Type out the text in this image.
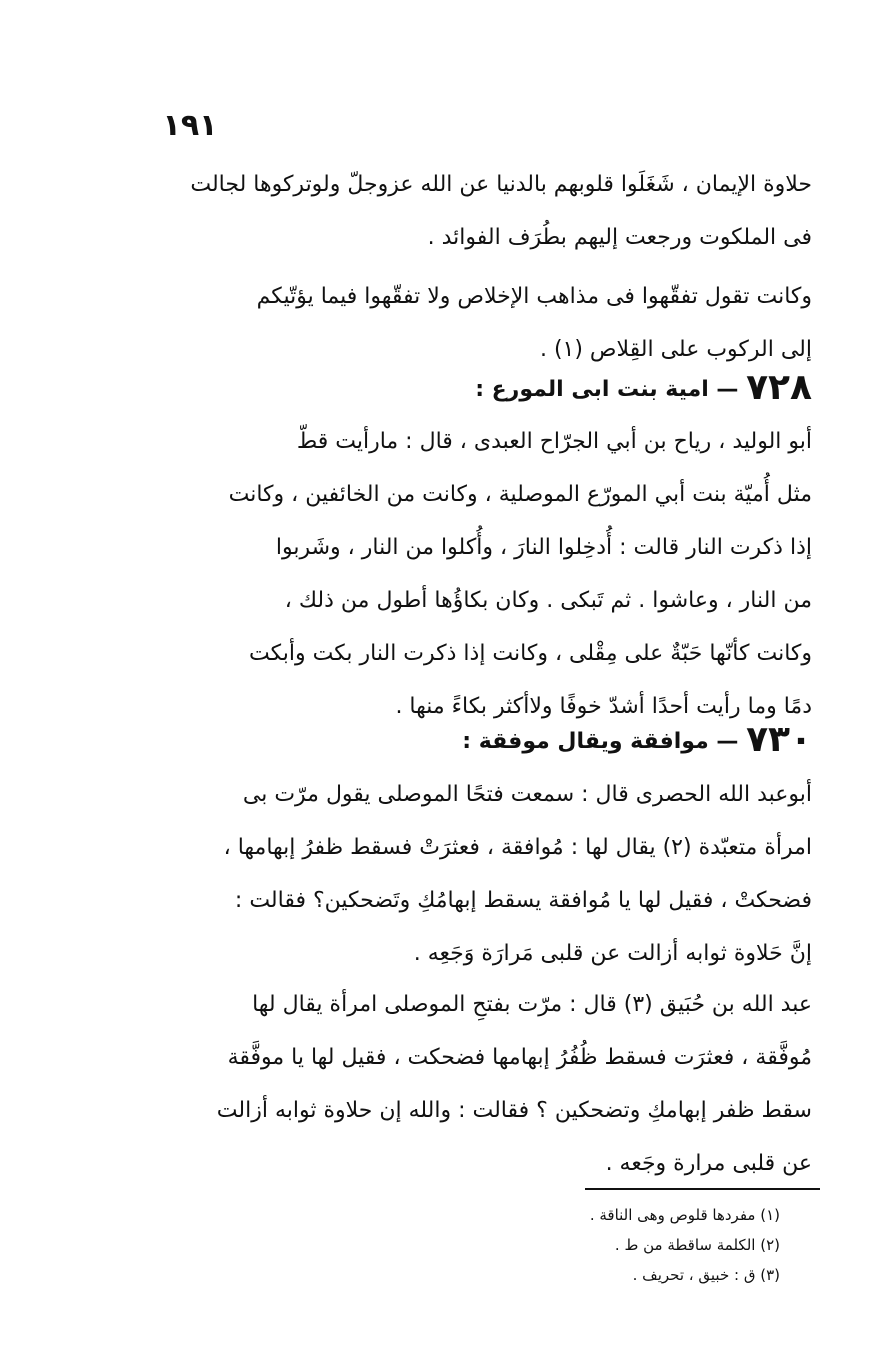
١٩١
حلاوة الإيمان ، شَغَلَوا قلوبهم بالدنيا عن الله عزوجلّ ولوتركوها لجالت
فى الملكوت ورجعت إليهم بطُرَف الفوائد .
وكانت تقول تفقّهوا فى مذاهب الإخلاص ولا تفقّهوا فيما يؤتّيكم
إلى الركوب على القِلاص (١) .
٧٢٨ — امية بنت ابى المورع :
أبو الوليد ، رياح بن أبي الجرّاح العبدى ، قال : مارأيت قطّ
مثل أُميّة بنت أبي المورّع الموصلية ، وكانت من الخائفين ، وكانت
إذا ذكرت النار قالت : أُدخِلوا النارَ ، وأُكلوا من النار ، وشَربوا
من النار ، وعاشوا . ثم تَبكى . وكان بكاؤُها أطول من ذلك ،
وكانت كأنّها حَبّةٌ على مِقْلى ، وكانت إذا ذكرت النار بكت وأبكت
دمًا وما رأيت أحدًا أشدّ خوفًا ولاأكثر بكاءً منها .
٧٣٠ — موافقة ويقال موفقة :
أبوعبد الله الحصرى قال : سمعت فتحًا الموصلى يقول مرّت بى
امرأة متعبّدة (٢) يقال لها : مُوافقة ، فعثرَتْ فسقط ظفرُ إبهامها ،
فضحكتْ ، فقيل لها يا مُوافقة يسقط إبهامُكِ وتَضحكين؟ فقالت :
إنَّ حَلاوة ثوابه أزالت عن قلبى مَرارَة وَجَعِه .
عبد الله بن حُبَيق (٣) قال : مرّت بفتحِ الموصلى امرأة يقال لها
مُوفَّقة ، فعثرَت فسقط ظُفُرُ إبهامها فضحكت ، فقيل لها يا موفَّقة
سقط ظفر إبهامكِ وتضحكين ؟ فقالت : والله إن حلاوة ثوابه أزالت
عن قلبى مرارة وجَعه .
(١) مفردها قلوص وهى الناقة .
(٢) الكلمة ساقطة من ط .
(٣) ق : خبيق ، تحريف .
